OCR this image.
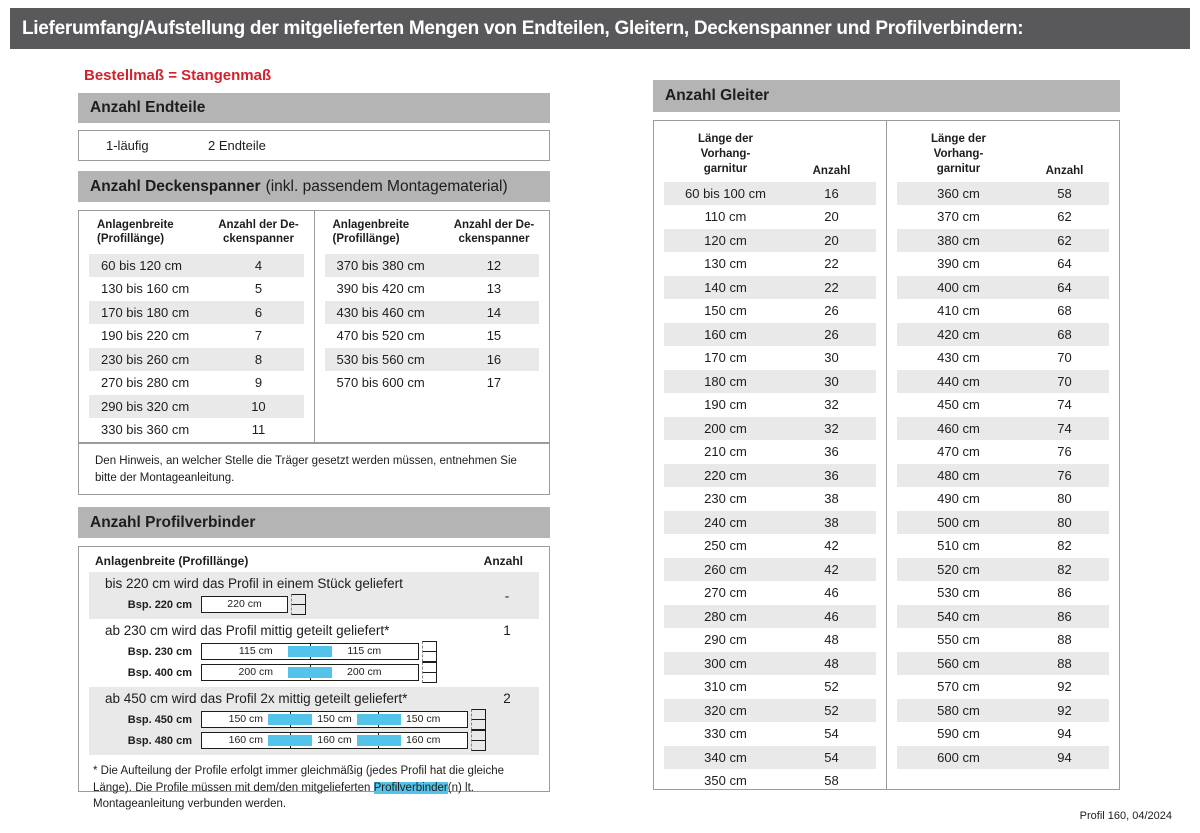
Lieferumfang/Aufstellung der mitgelieferten Mengen von Endteilen, Gleitern, Deckenspanner und Profilverbindern:
Bestellmaß = Stangenmaß
Anzahl Endteile
1-läufig	2 Endteile
Anzahl Deckenspanner (inkl. passendem Montagematerial)
Anlagenbreite
(Profillänge)
Anzahl der De-
ckenspanner
60 bis 120 cm	4
130 bis 160 cm	5
170 bis 180 cm	6
190 bis 220 cm	7
230 bis 260 cm	8
270 bis 280 cm	9
290 bis 320 cm	10
330 bis 360 cm	11
Anlagenbreite
(Profillänge)
Anzahl der De-
ckenspanner
370 bis 380 cm	12
390 bis 420 cm	13
430 bis 460 cm	14
470 bis 520 cm	15
530 bis 560 cm	16
570 bis 600 cm	17
Den Hinweis, an welcher Stelle die Träger gesetzt werden müssen, entnehmen Sie bitte der Montageanleitung.
Anzahl Profilverbinder
Anlagenbreite (Profillänge)	Anzahl
bis 220 cm wird das Profil in einem Stück geliefert
-
Bsp. 220 cm	220 cm
ab 230 cm wird das Profil mittig geteilt geliefert*	1
Bsp. 230 cm	115 cm	115 cm
Bsp. 400 cm	200 cm	200 cm
ab 450 cm wird das Profil 2x mittig geteilt geliefert*	2
Bsp. 450 cm	150 cm	150 cm	150 cm
Bsp. 480 cm	160 cm	160 cm	160 cm
* Die Aufteilung der Profile erfolgt immer gleichmäßig (jedes Profil hat die gleiche Länge). Die Profile müssen mit dem/den mitgelieferten Profilverbinder(n) lt. Montageanleitung verbunden werden.
Anzahl Gleiter
Länge der
Vorhang-
garnitur	Anzahl
60 bis 100 cm	16
110 cm	20
120 cm	20
130 cm	22
140 cm	22
150 cm	26
160 cm	26
170 cm	30
180 cm	30
190 cm	32
200 cm	32
210 cm	36
220 cm	36
230 cm	38
240 cm	38
250 cm	42
260 cm	42
270 cm	46
280 cm	46
290 cm	48
300 cm	48
310 cm	52
320 cm	52
330 cm	54
340 cm	54
350 cm	58
Länge der
Vorhang-
garnitur	Anzahl
360 cm	58
370 cm	62
380 cm	62
390 cm	64
400 cm	64
410 cm	68
420 cm	68
430 cm	70
440 cm	70
450 cm	74
460 cm	74
470 cm	76
480 cm	76
490 cm	80
500 cm	80
510 cm	82
520 cm	82
530 cm	86
540 cm	86
550 cm	88
560 cm	88
570 cm	92
580 cm	92
590 cm	94
600 cm	94
Profil 160, 04/2024
